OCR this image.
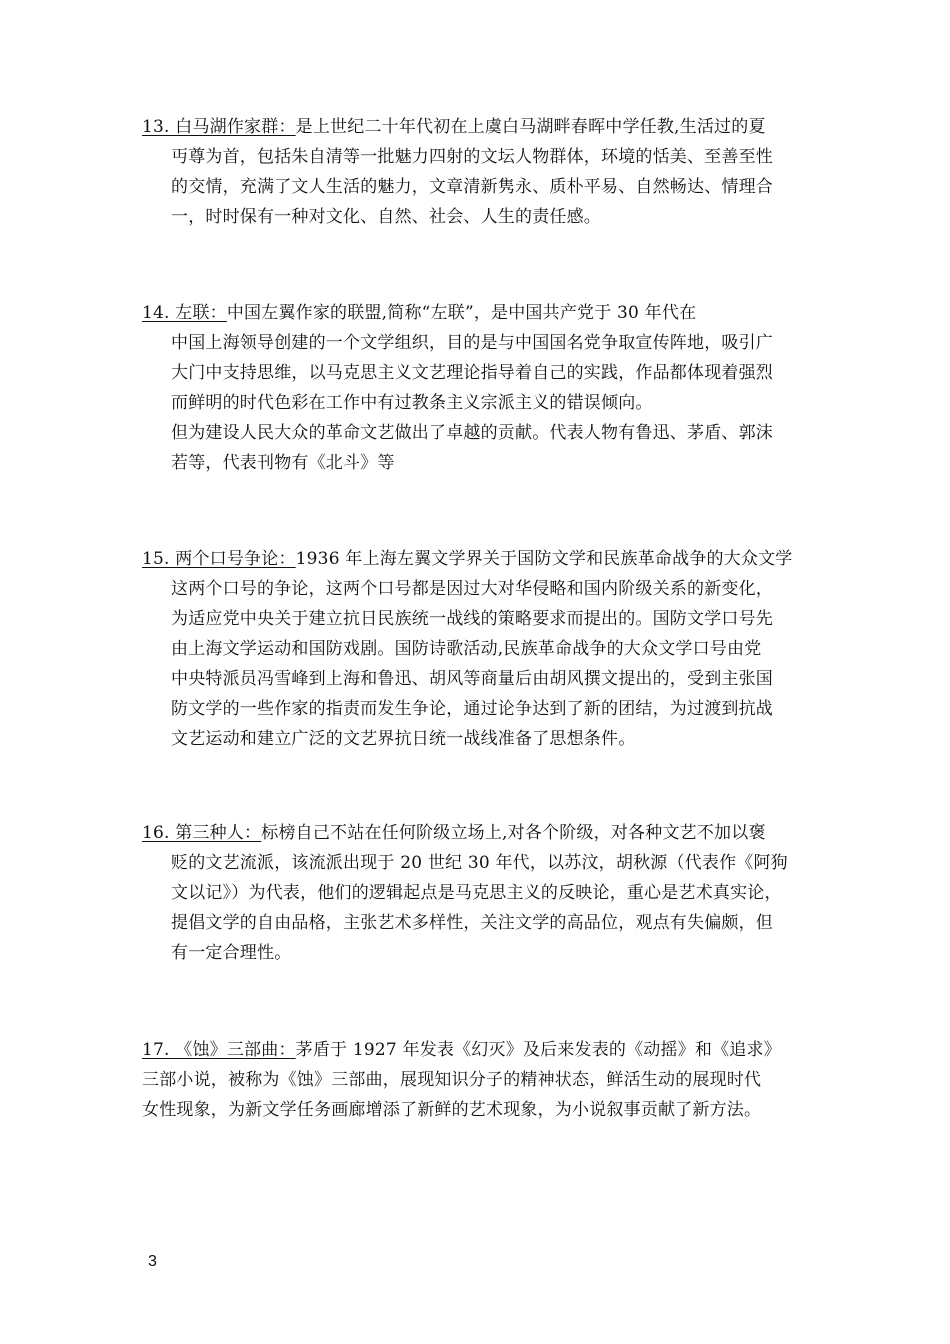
13. 白马湖作家群：是上世纪二十年代初在上虞白马湖畔春晖中学任教,生活过的夏
丏尊为首，包括朱自清等一批魅力四射的文坛人物群体，环境的恬美、至善至性
的交情，充满了文人生活的魅力，文章清新隽永、质朴平易、自然畅达、情理合
一，时时保有一种对文化、自然、社会、人生的责任感。
14. 左联：中国左翼作家的联盟,简称“左联”，是中国共产党于 30 年代在
中国上海领导创建的一个文学组织，目的是与中国国名党争取宣传阵地，吸引广
大门中支持思维，以马克思主义文艺理论指导着自己的实践，作品都体现着强烈
而鲜明的时代色彩在工作中有过教条主义宗派主义的错误倾向。
但为建设人民大众的革命文艺做出了卓越的贡献。代表人物有鲁迅、茅盾、郭沫
若等，代表刊物有《北斗》等
15. 两个口号争论：1936 年上海左翼文学界关于国防文学和民族革命战争的大众文学
这两个口号的争论，这两个口号都是因过大对华侵略和国内阶级关系的新变化，
为适应党中央关于建立抗日民族统一战线的策略要求而提出的。国防文学口号先
由上海文学运动和国防戏剧。国防诗歌活动,民族革命战争的大众文学口号由党
中央特派员冯雪峰到上海和鲁迅、胡风等商量后由胡风撰文提出的，受到主张国
防文学的一些作家的指责而发生争论，通过论争达到了新的团结，为过渡到抗战
文艺运动和建立广泛的文艺界抗日统一战线准备了思想条件。
16. 第三种人：标榜自己不站在任何阶级立场上,对各个阶级，对各种文艺不加以褒
贬的文艺流派，该流派出现于 20 世纪 30 年代，以苏汶，胡秋源（代表作《阿狗
文以记》）为代表，他们的逻辑起点是马克思主义的反映论，重心是艺术真实论，
提倡文学的自由品格，主张艺术多样性，关注文学的高品位，观点有失偏颇，但
有一定合理性。
17. 《蚀》三部曲：茅盾于 1927 年发表《幻灭》及后来发表的《动摇》和《追求》
三部小说，被称为《蚀》三部曲，展现知识分子的精神状态，鲜活生动的展现时代
女性现象，为新文学任务画廊增添了新鲜的艺术现象，为小说叙事贡献了新方法。
3
